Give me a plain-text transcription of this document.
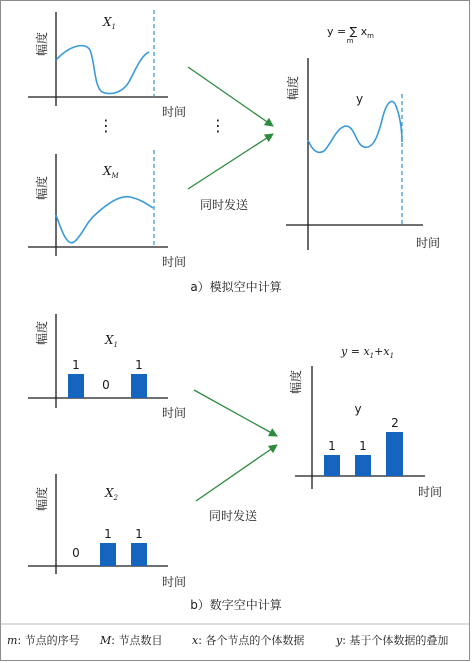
幅度
时间
$X_1$
⋮	⋮
幅度
时间
$X_M$
同时发送
幅度
时间
y = ∑ $x_m$
m
y
a）模拟空中计算
幅度
时间
$X_1$
1
0
1
幅度
时间
$X_2$
0
1 1
同时发送
幅度
时间
$y = x_1+x_1$
y
1 1
2
b）数字空中计算
m: 节点的序号 M: 节点数目	x: 各个节点的个体数据	y: 基于个体数据的叠加
